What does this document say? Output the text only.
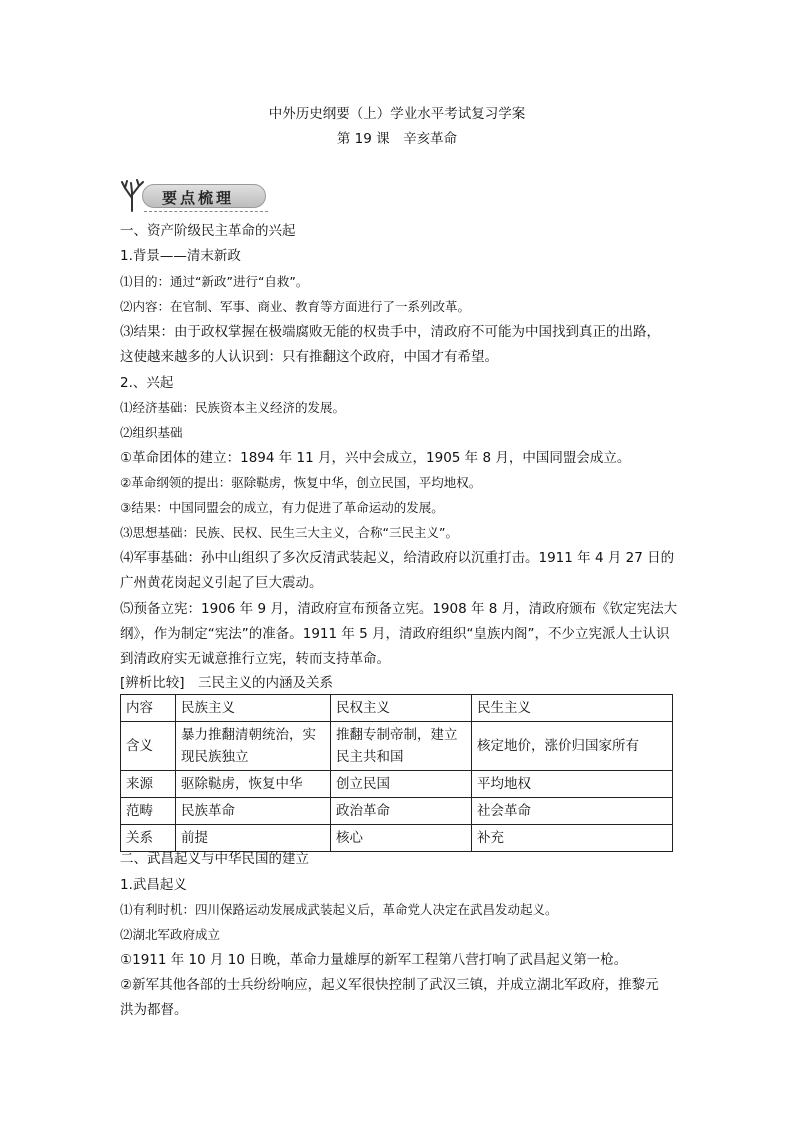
中外历史纲要（上）学业水平考试复习学案
第 19 课　辛亥革命
要点梳理
一、资产阶级民主革命的兴起
1.背景——清末新政
⑴目的：通过“新政”进行“自救”。
⑵内容：在官制、军事、商业、教育等方面进行了一系列改革。
⑶结果：由于政权掌握在极端腐败无能的权贵手中，清政府不可能为中国找到真正的出路，
这使越来越多的人认识到：只有推翻这个政府，中国才有希望。
2.、兴起
⑴经济基础：民族资本主义经济的发展。
⑵组织基础
①革命团体的建立：1894 年 11 月，兴中会成立，1905 年 8 月，中国同盟会成立。
②革命纲领的提出：驱除鞑虏，恢复中华，创立民国，平均地权。
③结果：中国同盟会的成立，有力促进了革命运动的发展。
⑶思想基础：民族、民权、民生三大主义，合称“三民主义”。
⑷军事基础：孙中山组织了多次反清武装起义，给清政府以沉重打击。1911 年 4 月 27 日的
广州黄花岗起义引起了巨大震动。
⑸预备立宪：1906 年 9 月，清政府宣布预备立宪。1908 年 8 月，清政府颁布《钦定宪法大
纲》，作为制定“宪法”的准备。1911 年 5 月，清政府组织“皇族内阁”，不少立宪派人士认识
到清政府实无诚意推行立宪，转而支持革命。
[辨析比较]　三民主义的内涵及关系
内容	民族主义	民权主义	民生主义
含义	暴力推翻清朝统治，实现民族独立	推翻专制帝制，建立民主共和国	核定地价，涨价归国家所有
来源	驱除鞑虏，恢复中华	创立民国	平均地权
范畴	民族革命	政治革命	社会革命
关系	前提	核心	补充
二、武昌起义与中华民国的建立
1.武昌起义
⑴有利时机：四川保路运动发展成武装起义后，革命党人决定在武昌发动起义。
⑵湖北军政府成立
①1911 年 10 月 10 日晚，革命力量雄厚的新军工程第八营打响了武昌起义第一枪。
②新军其他各部的士兵纷纷响应，起义军很快控制了武汉三镇，并成立湖北军政府，推黎元
洪为都督。
